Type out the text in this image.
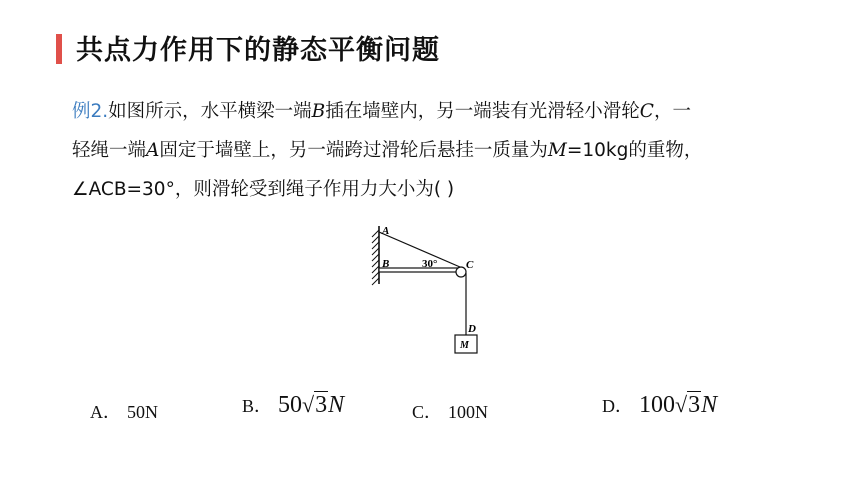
共点力作用下的静态平衡问题
例2.如图所示，水平横梁一端B插在墙壁内，另一端装有光滑轻小滑轮C，一
轻绳一端A固定于墙壁上，另一端跨过滑轮后悬挂一质量为M=10kg的重物，
∠ACB=30°，则滑轮受到绳子作用力大小为( )
A
B	C
D
M
30°
A． 50N	B． 50√3N	C． 100N	D． 100√3N
